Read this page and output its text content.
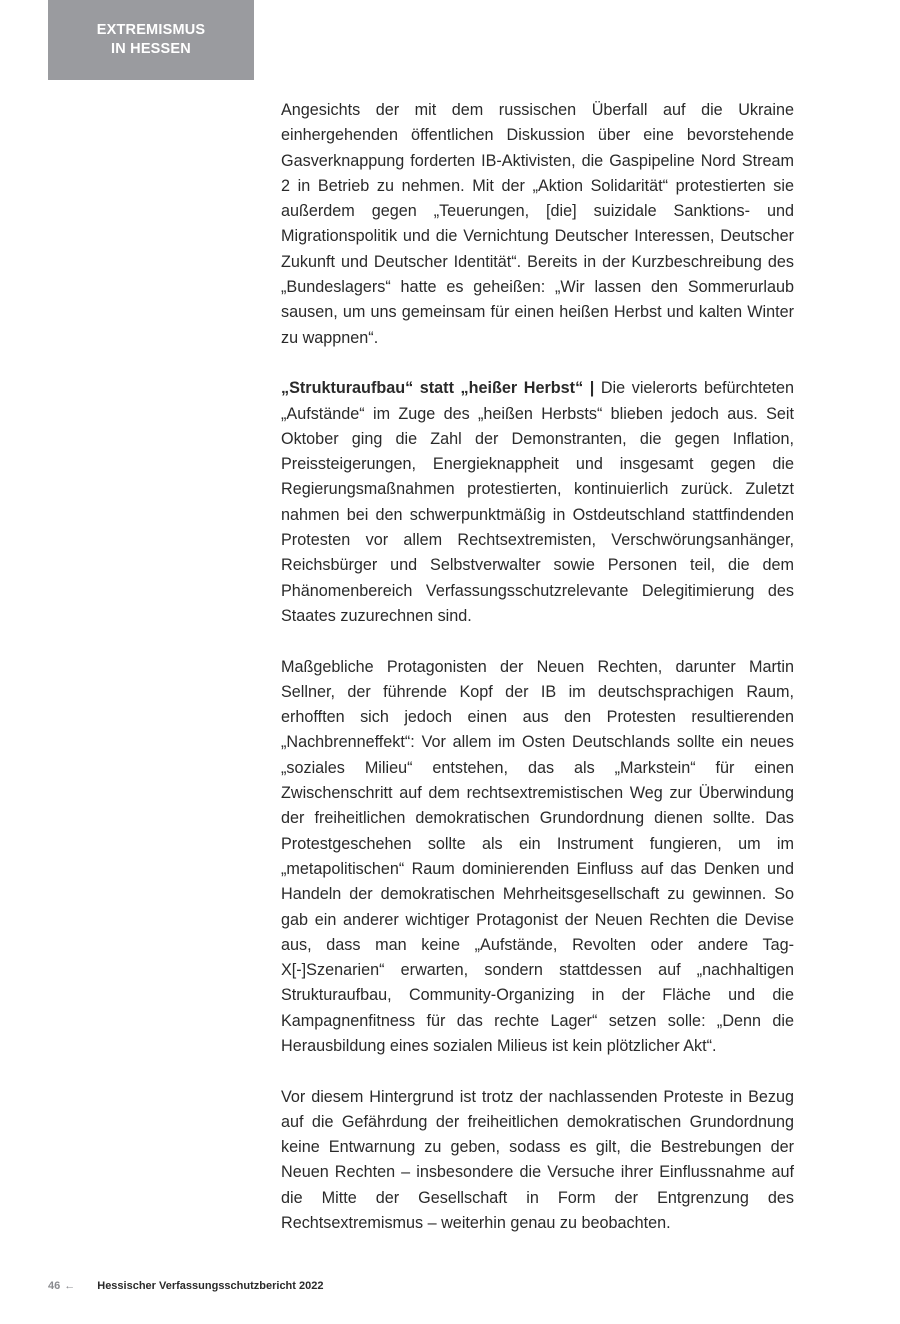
EXTREMISMUS
IN HESSEN

Angesichts der mit dem russischen Überfall auf die Ukraine einhergehenden öffentlichen Diskussion über eine bevorstehende Gasverknappung forderten IB-Aktivisten, die Gaspipeline Nord Stream 2 in Betrieb zu nehmen. Mit der „Aktion Solidarität“ protestierten sie außerdem gegen „Teuerungen, [die] suizidale Sanktions- und Migrationspolitik und die Vernichtung Deutscher Interessen, Deutscher Zukunft und Deutscher Identität“. Bereits in der Kurzbeschreibung des „Bundeslagers“ hatte es geheißen: „Wir lassen den Sommerurlaub sausen, um uns gemeinsam für einen heißen Herbst und kalten Winter zu wappnen“.

„Strukturaufbau“ statt „heißer Herbst“ | Die vielerorts befürchteten „Aufstände“ im Zuge des „heißen Herbsts“ blieben jedoch aus. Seit Oktober ging die Zahl der Demonstranten, die gegen Inflation, Preissteigerungen, Energieknappheit und insgesamt gegen die Regierungsmaßnahmen protestierten, kontinuierlich zurück. Zuletzt nahmen bei den schwerpunktmäßig in Ostdeutschland stattfindenden Protesten vor allem Rechtsextremisten, Verschwörungsanhänger, Reichsbürger und Selbstverwalter sowie Personen teil, die dem Phänomenbereich Verfassungsschutzrelevante Delegitimierung des Staates zuzurechnen sind.

Maßgebliche Protagonisten der Neuen Rechten, darunter Martin Sellner, der führende Kopf der IB im deutschsprachigen Raum, erhofften sich jedoch einen aus den Protesten resultierenden „Nachbrenneffekt“: Vor allem im Osten Deutschlands sollte ein neues „soziales Milieu“ entstehen, das als „Markstein“ für einen Zwischenschritt auf dem rechtsextremistischen Weg zur Überwindung der freiheitlichen demokratischen Grundordnung dienen sollte. Das Protestgeschehen sollte als ein Instrument fungieren, um im „metapolitischen“ Raum dominierenden Einfluss auf das Denken und Handeln der demokratischen Mehrheitsgesellschaft zu gewinnen. So gab ein anderer wichtiger Protagonist der Neuen Rechten die Devise aus, dass man keine „Aufstände, Revolten oder andere Tag-X[-]Szenarien“ erwarten, sondern stattdessen auf „nachhaltigen Strukturaufbau, Community-Organizing in der Fläche und die Kampagnenfitness für das rechte Lager“ setzen solle: „Denn die Herausbildung eines sozialen Milieus ist kein plötzlicher Akt“.

Vor diesem Hintergrund ist trotz der nachlassenden Proteste in Bezug auf die Gefährdung der freiheitlichen demokratischen Grundordnung keine Entwarnung zu geben, sodass es gilt, die Bestrebungen der Neuen Rechten – insbesondere die Versuche ihrer Einflussnahme auf die Mitte der Gesellschaft in Form der Entgrenzung des Rechtsextremismus – weiterhin genau zu beobachten.

46 ← Hessischer Verfassungsschutzbericht 2022
